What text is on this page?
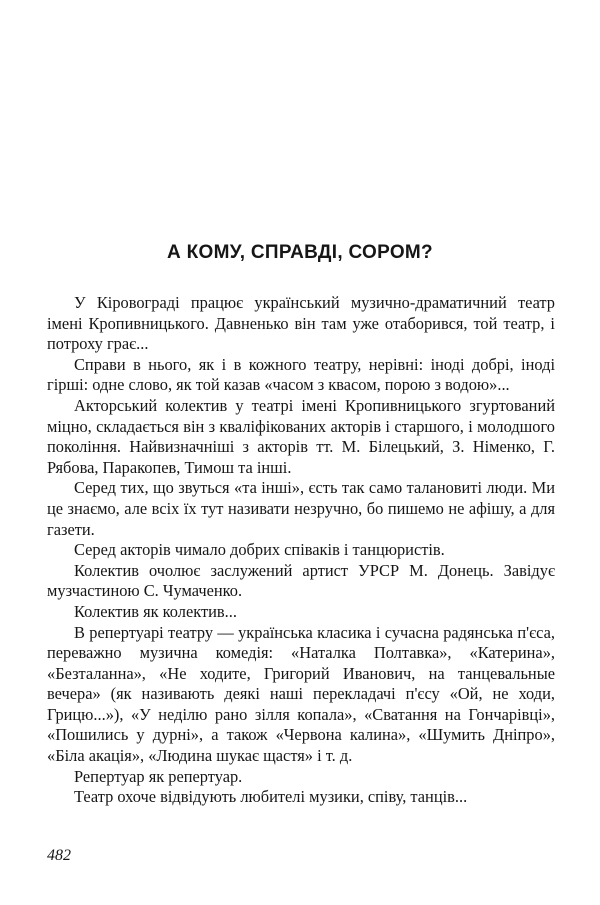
А КОМУ, СПРАВДІ, СОРОМ?

У Кіровограді працює український музично-драматичний театр імені Кропивницького. Давненько він там уже отаборився, той театр, і потроху грає...

Справи в нього, як і в кожного театру, нерівні: іноді добрі, іноді гірші: одне слово, як той казав «часом з квасом, порою з водою»...

Акторський колектив у театрі імені Кропивницького згуртований міцно, складається він з кваліфікованих акторів і старшого, і молодшого покоління. Найвизначніші з акторів тт. М. Білецький, З. Німенко, Г. Рябова, Паракопев, Тимош та інші.

Серед тих, що звуться «та інші», єсть так само талановиті люди. Ми це знаємо, але всіх їх тут називати незручно, бо пишемо не афішу, а для газети.

Серед акторів чимало добрих співаків і танцюристів.

Колектив очолює заслужений артист УРСР М. Донець. Завідує музчастиною С. Чумаченко.

Колектив як колектив...

В репертуарі театру — українська класика і сучасна радянська п'єса, переважно музична комедія: «Наталка Полтавка», «Катерина», «Безталанна», «Не ходите, Григорий Иванович, на танцевальные вечера» (як називають деякі наші перекладачі п'єсу «Ой, не ходи, Грицю...»), «У неділю рано зілля копала», «Сватання на Гончарівці», «Пошились у дурні», а також «Червона калина», «Шумить Дніпро», «Біла акація», «Людина шукає щастя» і т. д.

Репертуар як репертуар.

Театр охоче відвідують любителі музики, співу, танців...

482
